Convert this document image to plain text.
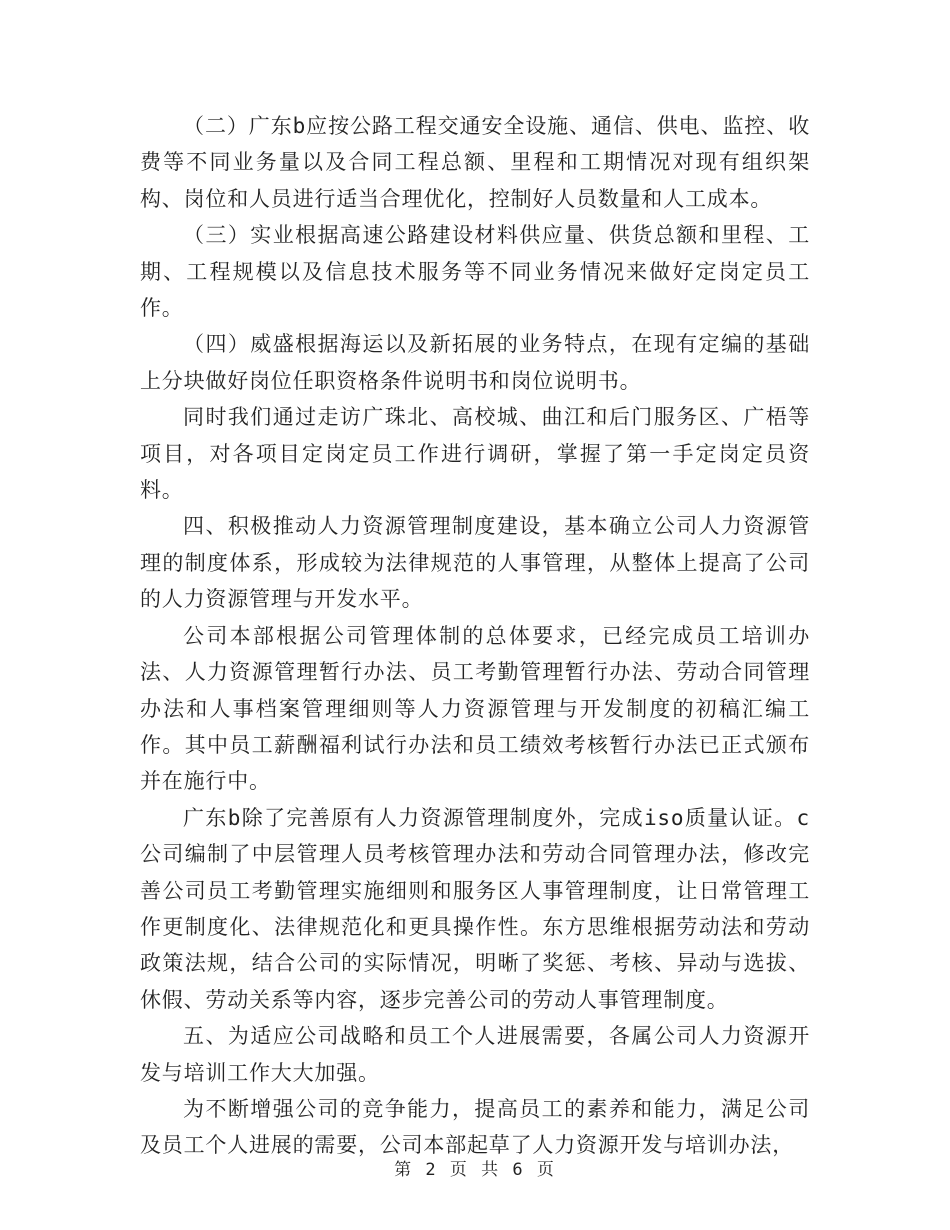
（二）广东b应按公路工程交通安全设施、通信、供电、监控、收费等不同业务量以及合同工程总额、里程和工期情况对现有组织架构、岗位和人员进行适当合理优化，控制好人员数量和人工成本。

（三）实业根据高速公路建设材料供应量、供货总额和里程、工期、工程规模以及信息技术服务等不同业务情况来做好定岗定员工作。

（四）威盛根据海运以及新拓展的业务特点，在现有定编的基础上分块做好岗位任职资格条件说明书和岗位说明书。

同时我们通过走访广珠北、高校城、曲江和后门服务区、广梧等项目，对各项目定岗定员工作进行调研，掌握了第一手定岗定员资料。

四、积极推动人力资源管理制度建设，基本确立公司人力资源管理的制度体系，形成较为法律规范的人事管理，从整体上提高了公司的人力资源管理与开发水平。

公司本部根据公司管理体制的总体要求，已经完成员工培训办法、人力资源管理暂行办法、员工考勤管理暂行办法、劳动合同管理办法和人事档案管理细则等人力资源管理与开发制度的初稿汇编工作。其中员工薪酬福利试行办法和员工绩效考核暂行办法已正式颁布并在施行中。

广东b除了完善原有人力资源管理制度外，完成iso质量认证。c公司编制了中层管理人员考核管理办法和劳动合同管理办法，修改完善公司员工考勤管理实施细则和服务区人事管理制度，让日常管理工作更制度化、法律规范化和更具操作性。东方思维根据劳动法和劳动政策法规，结合公司的实际情况，明晰了奖惩、考核、异动与选拔、休假、劳动关系等内容，逐步完善公司的劳动人事管理制度。

五、为适应公司战略和员工个人进展需要，各属公司人力资源开发与培训工作大大加强。

为不断增强公司的竞争能力，提高员工的素养和能力，满足公司及员工个人进展的需要，公司本部起草了人力资源开发与培训办法，

第 2 页 共 6 页
